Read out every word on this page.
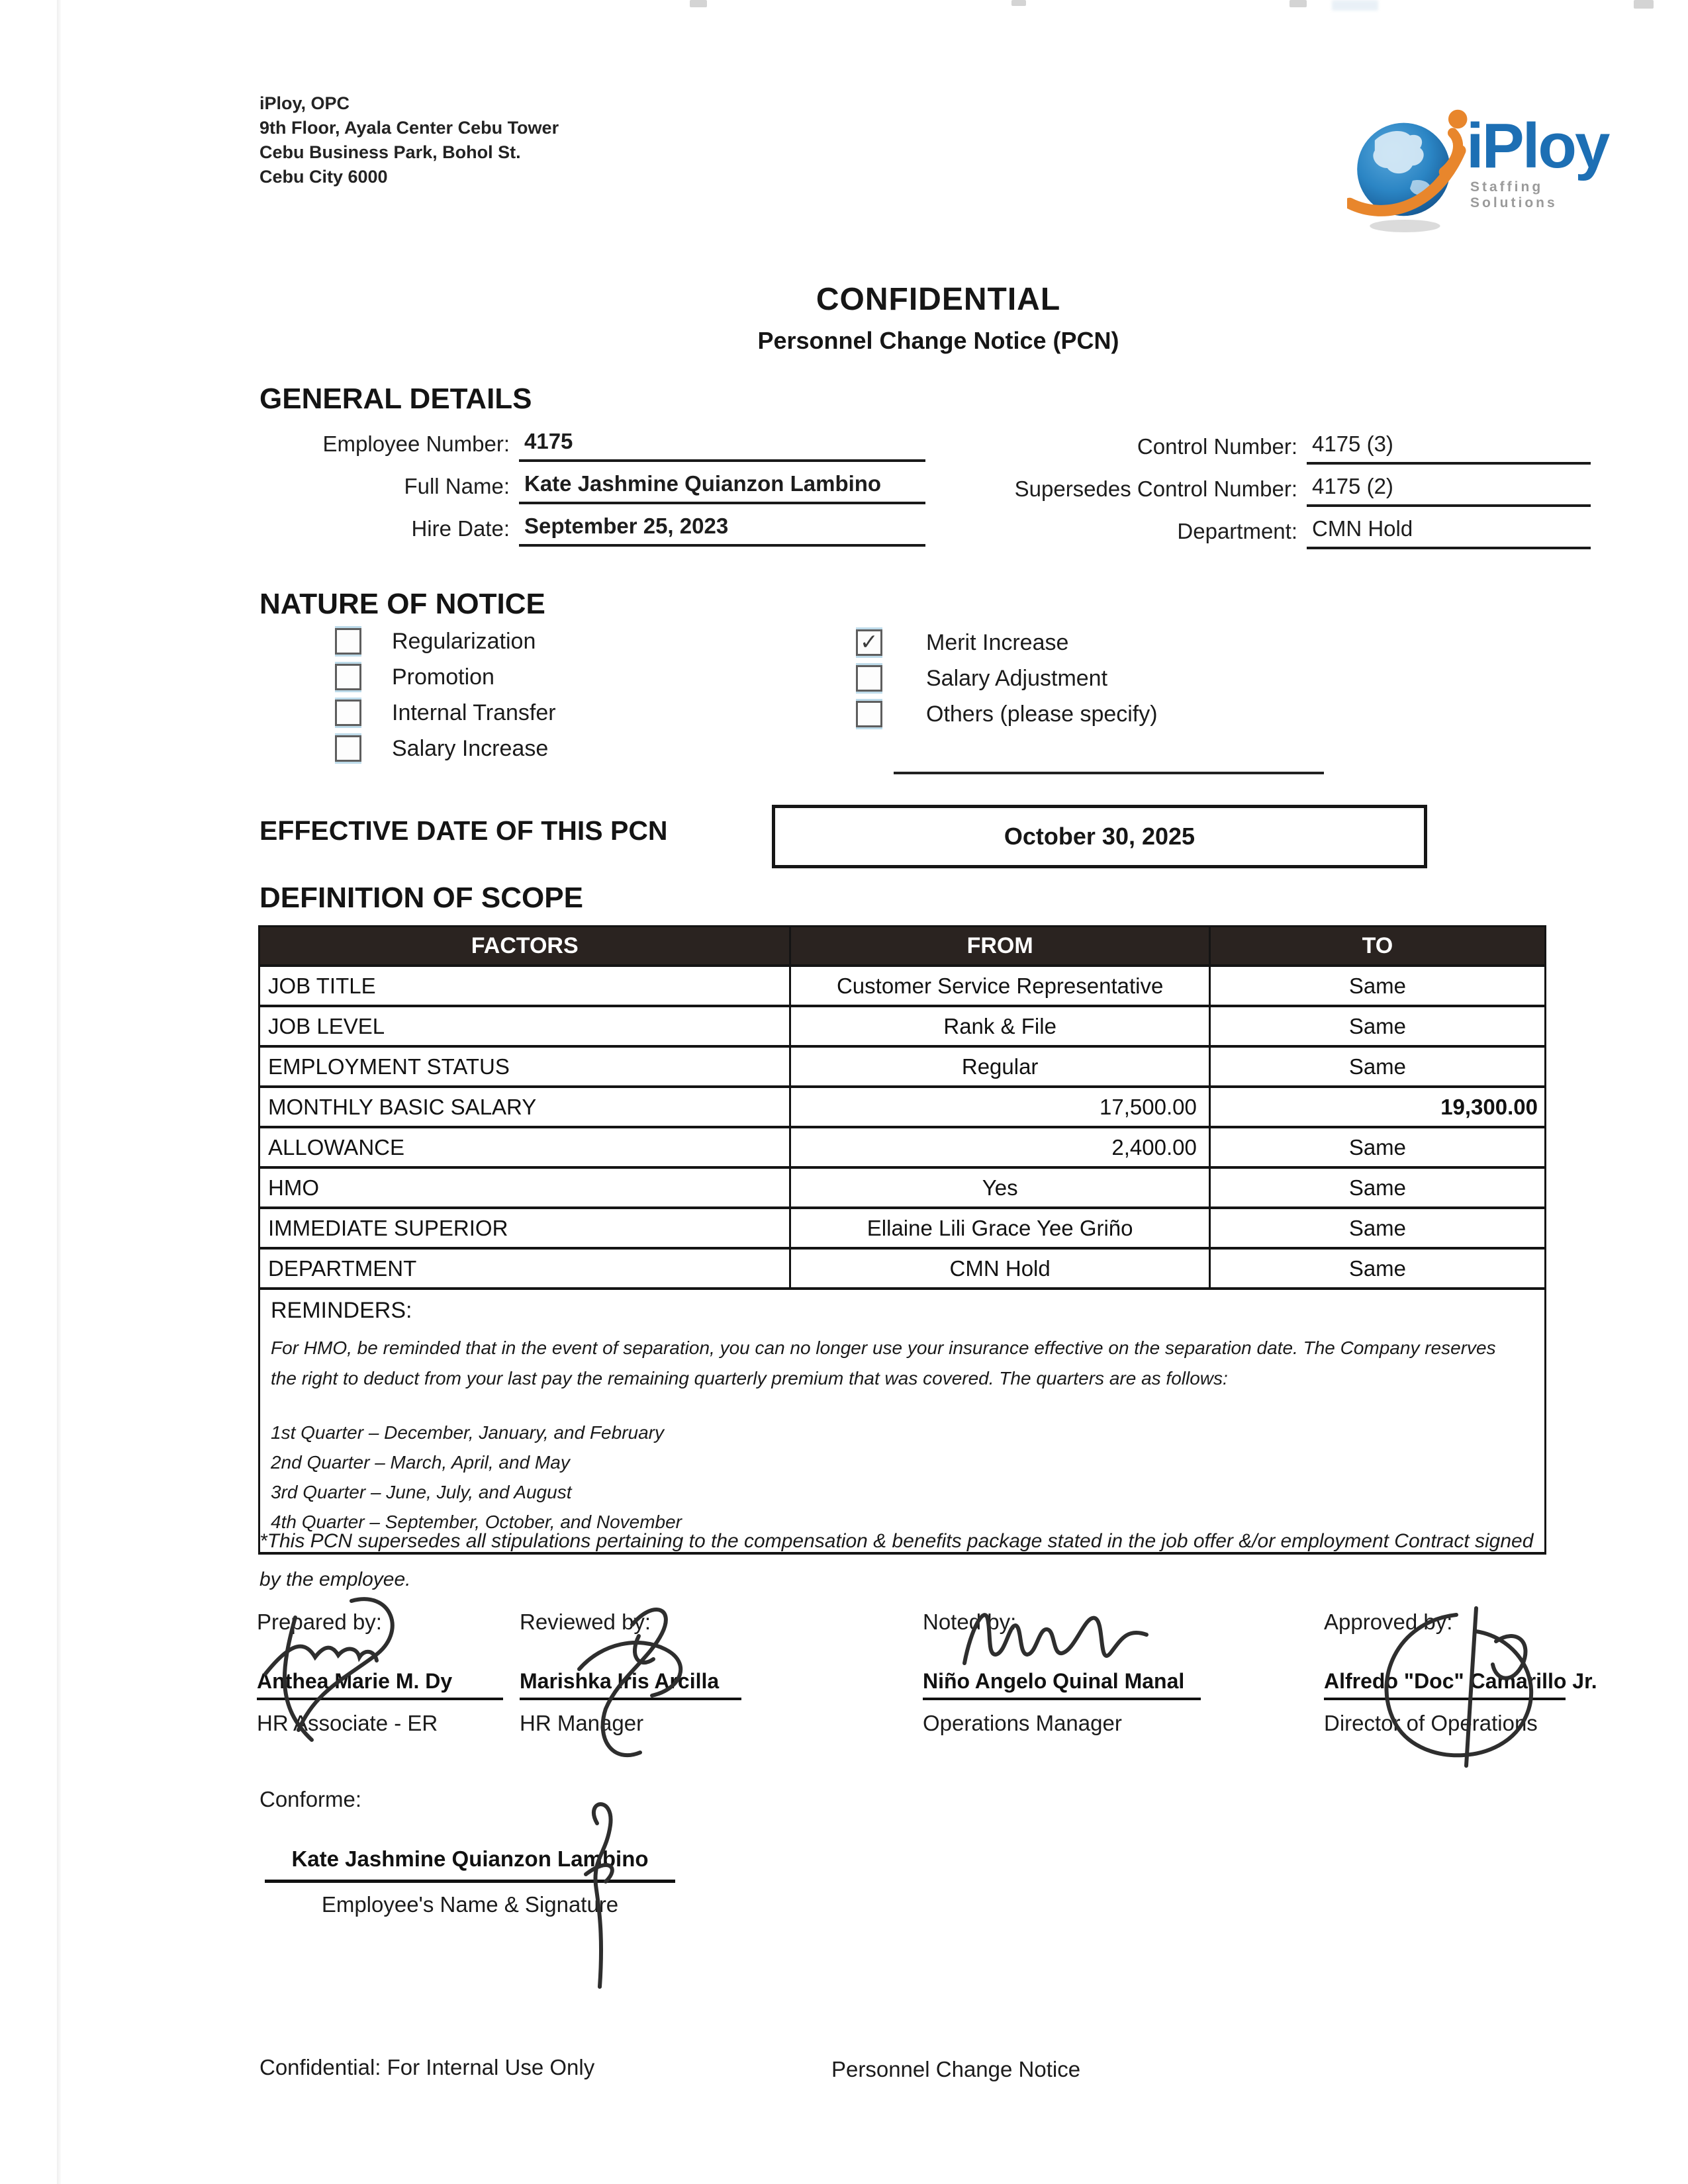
iPloy, OPC
9th Floor, Ayala Center Cebu Tower
Cebu Business Park, Bohol St.
Cebu City 6000	iPloy
Staffing Solutions
CONFIDENTIAL
Personnel Change Notice (PCN)
GENERAL DETAILS
Employee Number: 4175
Full Name: Kate Jashmine Quianzon Lambino
Hire Date: September 25, 2023
Control Number: 4175 (3)
Supersedes Control Number: 4175 (2)
Department: CMN Hold
NATURE OF NOTICE
Regularization
Promotion
Internal Transfer
Salary Increase
✓ Merit Increase
Salary Adjustment
Others (please specify)
EFFECTIVE DATE OF THIS PCN	October 30, 2025
DEFINITION OF SCOPE
FACTORS	FROM	TO
JOB TITLE	Customer Service Representative	Same
JOB LEVEL	Rank & File	Same
EMPLOYMENT STATUS	Regular	Same
MONTHLY BASIC SALARY	17,500.00	19,300.00
ALLOWANCE	2,400.00	Same
HMO	Yes	Same
IMMEDIATE SUPERIOR	Ellaine Lili Grace Yee Griño	Same
DEPARTMENT	CMN Hold	Same

REMINDERS:

For HMO, be reminded that in the event of separation, you can no longer use your insurance effective on the separation date. The Company reserves the right to deduct from your last pay the remaining quarterly premium that was covered. The quarters are as follows:

1st Quarter – December, January, and February
2nd Quarter – March, April, and May
3rd Quarter – June, July, and August
4th Quarter – September, October, and November
*This PCN supersedes all stipulations pertaining to the compensation & benefits package stated in the job offer &/or employment Contract signed
by the employee.
Prepared by:
Anthea Marie M. Dy
HR Associate - ER
Reviewed by:
Marishka Iris Arcilla
HR Manager
Noted by:
Niño Angelo Quinal Manal
Operations Manager
Approved by:
Alfredo "Doc" Camarillo Jr.
Director of Operations
Conforme:
Kate Jashmine Quianzon Lambino
Employee's Name & Signature
Confidential: For Internal Use Only	Personnel Change Notice
